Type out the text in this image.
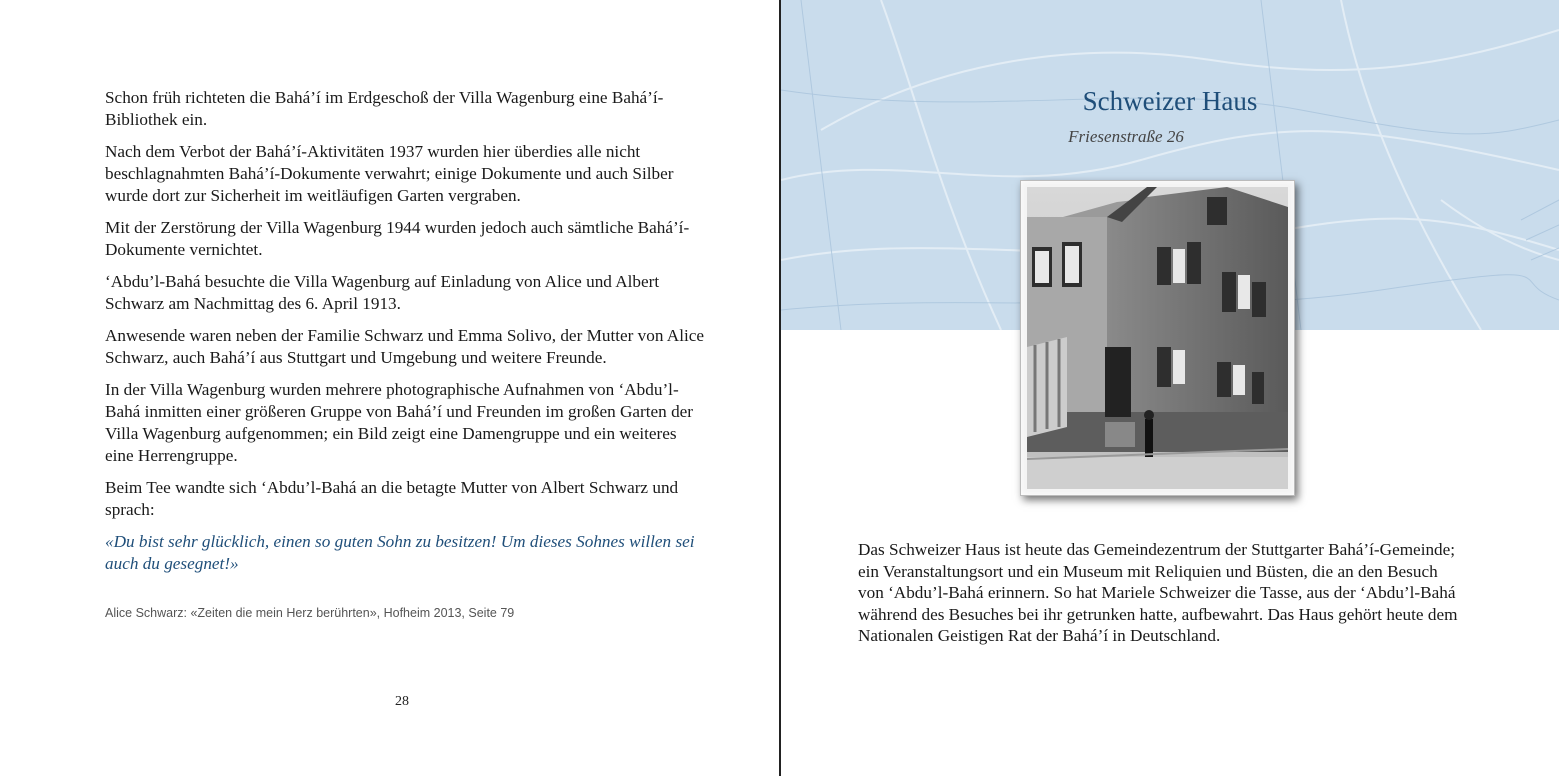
Schon früh richteten die Bahá’í im Erdgeschoß der Villa Wagenburg eine Bahá’í-Bibliothek ein.

Nach dem Verbot der Bahá’í-Aktivitäten 1937 wurden hier überdies alle nicht beschlagnahmten Bahá’í-Dokumente verwahrt; einige Dokumente und auch Silber wurde dort zur Sicherheit im weitläufigen Garten vergraben.

Mit der Zerstörung der Villa Wagenburg 1944 wurden jedoch auch sämtliche Bahá’í-Dokumente vernichtet.

‘Abdu’l-Bahá besuchte die Villa Wagenburg auf Einladung von Alice und Albert Schwarz am Nachmittag des 6. April 1913.

Anwesende waren neben der Familie Schwarz und Emma Solivo, der Mutter von Alice Schwarz, auch Bahá’í aus Stuttgart und Umgebung und weitere Freunde.

In der Villa Wagenburg wurden mehrere photographische Aufnahmen von ‘Abdu’l-Bahá inmitten einer größeren Gruppe von Bahá’í und Freunden im großen Garten der Villa Wagenburg aufgenommen; ein Bild zeigt eine Damengruppe und ein weiteres eine Herrengruppe.

Beim Tee wandte sich ‘Abdu’l-Bahá an die betagte Mutter von Albert Schwarz und sprach:

«Du bist sehr glücklich, einen so guten Sohn zu besitzen! Um dieses Sohnes willen sei auch du gesegnet!»

Alice Schwarz: «Zeiten die mein Herz berührten», Hofheim 2013, Seite 79
28
Schweizer Haus
Friesenstraße 26

Das Schweizer Haus ist heute das Gemeindezentrum der Stuttgarter Bahá’í-Gemeinde; ein Veranstaltungsort und ein Museum mit Reliquien und Büsten, die an den Besuch von ‘Abdu’l-Bahá erinnern. So hat Mariele Schweizer die Tasse, aus der ‘Abdu’l-Bahá während des Besuches bei ihr getrunken hatte, aufbewahrt. Das Haus gehört heute dem Nationalen Geistigen Rat der Bahá’í in Deutschland.
